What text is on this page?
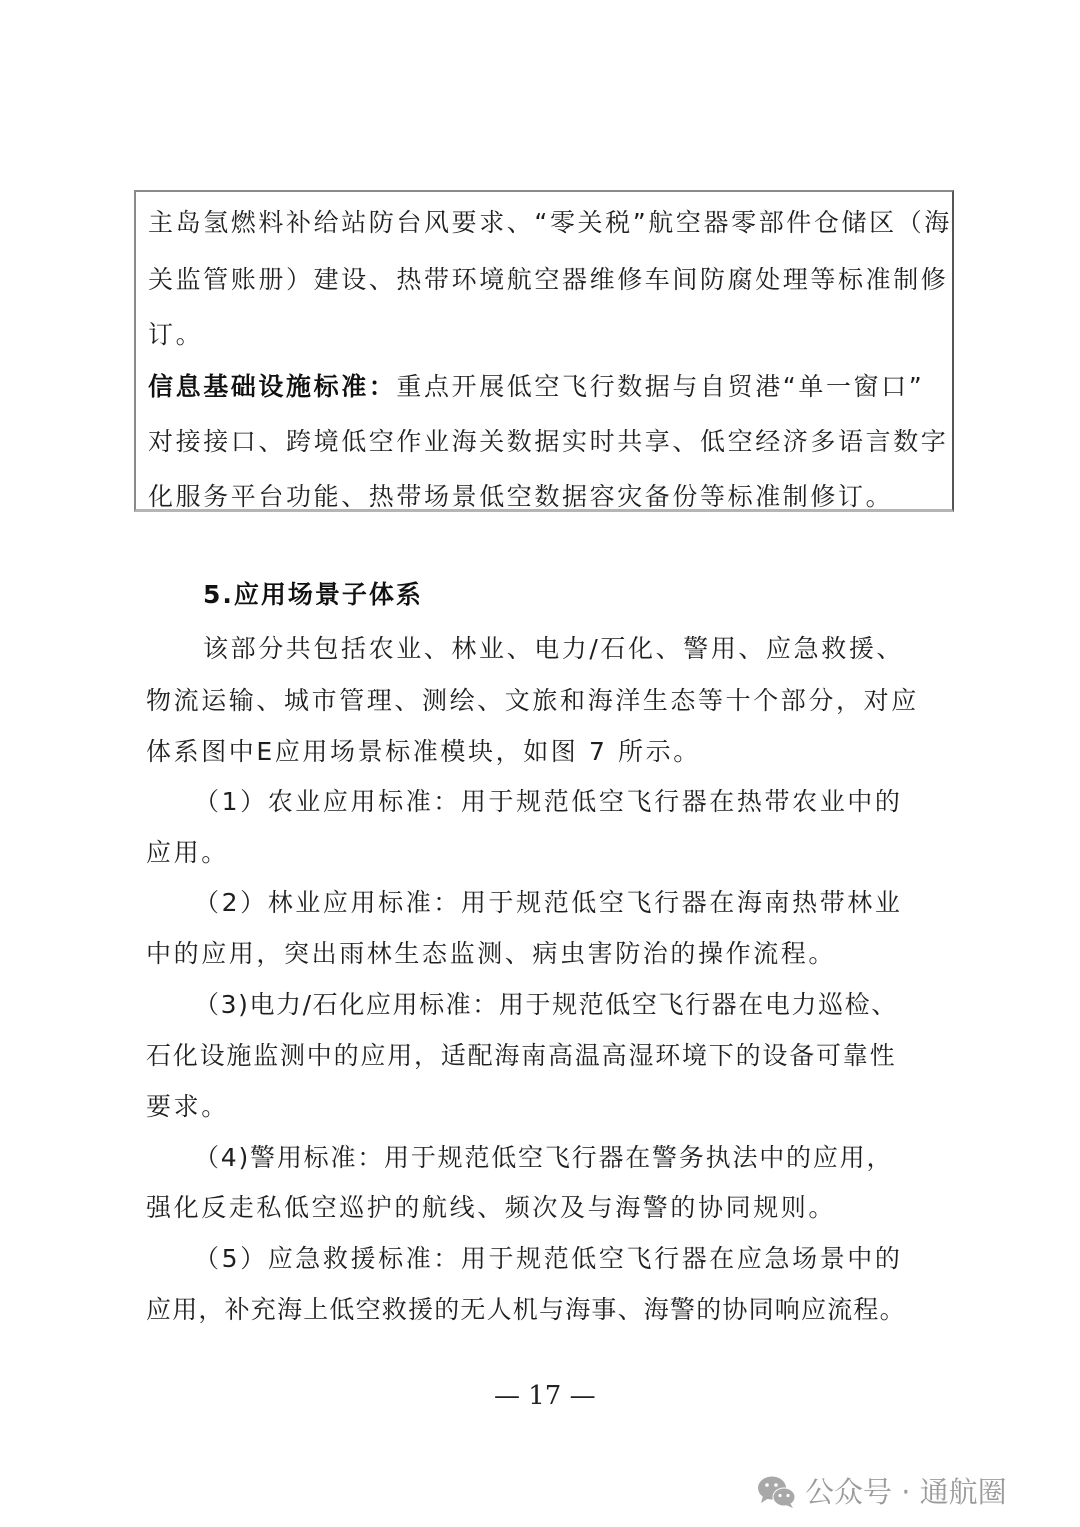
主岛氢燃料补给站防台风要求、“零关税”航空器零部件仓储区（海
关监管账册）建设、热带环境航空器维修车间防腐处理等标准制修
订。
信息基础设施标准：重点开展低空飞行数据与自贸港“单一窗口”
对接接口、跨境低空作业海关数据实时共享、低空经济多语言数字
化服务平台功能、热带场景低空数据容灾备份等标准制修订。
5.应用场景子体系
该部分共包括农业、林业、电力/石化、警用、应急救援、
物流运输、城市管理、测绘、文旅和海洋生态等十个部分，对应
体系图中E应用场景标准模块，如图 7 所示。
（1）农业应用标准：用于规范低空飞行器在热带农业中的
应用。
（2）林业应用标准：用于规范低空飞行器在海南热带林业
中的应用，突出雨林生态监测、病虫害防治的操作流程。
（3)电力/石化应用标准：用于规范低空飞行器在电力巡检、
石化设施监测中的应用，适配海南高温高湿环境下的设备可靠性
要求。
（4)警用标准：用于规范低空飞行器在警务执法中的应用，
强化反走私低空巡护的航线、频次及与海警的协同规则。
（5）应急救援标准：用于规范低空飞行器在应急场景中的
应用，补充海上低空救援的无人机与海事、海警的协同响应流程。
— 17 —
公众号 · 通航圈
